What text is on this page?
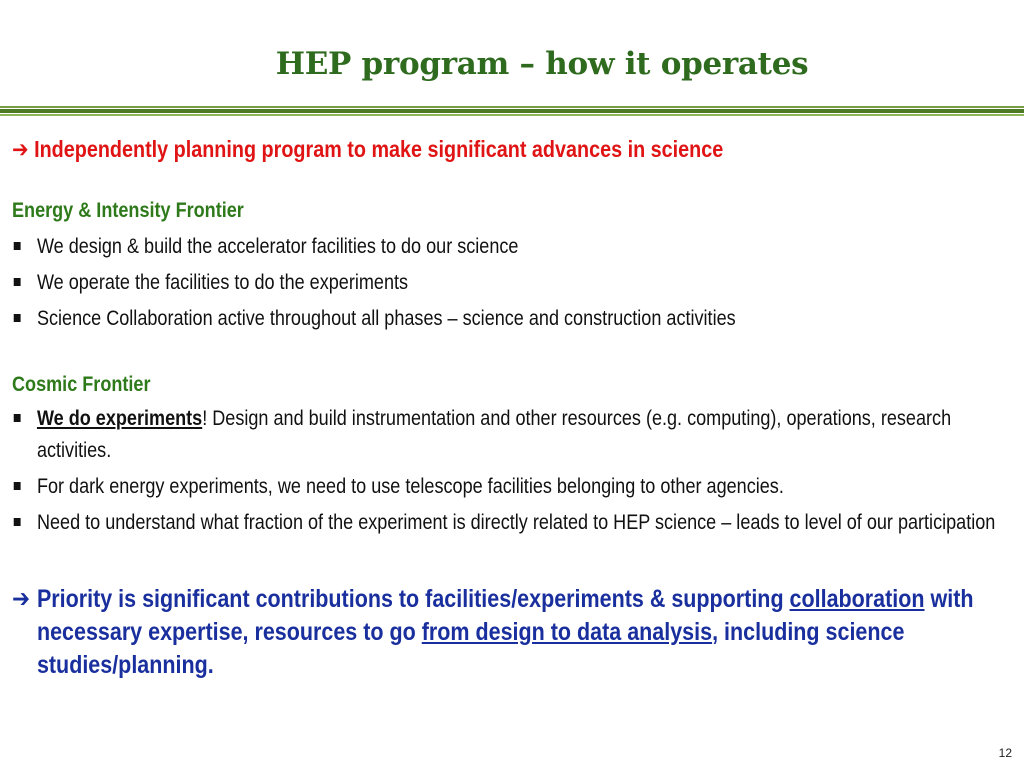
HEP program – how it operates

➔ Independently planning program to make significant advances in science

Energy & Intensity Frontier

We design & build the accelerator facilities to do our science
We operate the facilities to do the experiments
Science Collaboration active throughout all phases – science and construction activities

Cosmic Frontier

We do experiments! Design and build instrumentation and other resources (e.g. computing), operations, research activities.
For dark energy experiments, we need to use telescope facilities belonging to other agencies.
Need to understand what fraction of the experiment is directly related to HEP science – leads to level of our participation

➔ Priority is significant contributions to facilities/experiments & supporting collaboration with necessary expertise, resources to go from design to data analysis, including science studies/planning.

12
